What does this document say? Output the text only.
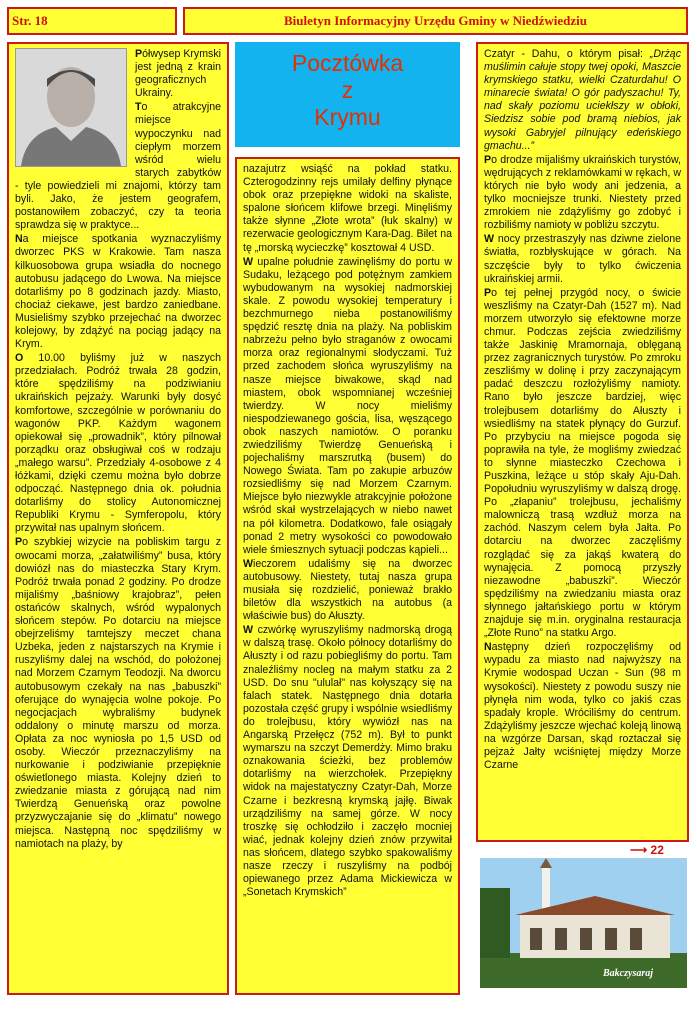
Str. 18	Biuletyn Informacyjny Urzędu Gminy w Niedźwiedziu

Półwysep Krymski jest jedną z krain geograficznych Ukrainy.

To atrakcyjne miejsce wypoczynku nad ciepłym morzem wśród wielu starych zabytków - tyle powiedzieli mi znajomi, którzy tam byli. Jako, że jestem geografem, postanowiłem zobaczyć, czy ta teoria sprawdza się w praktyce...

Na miejsce spotkania wyznaczyliśmy dworzec PKS w Krakowie. Tam nasza kilkuosobowa grupa wsiadła do nocnego autobusu jadącego do Lwowa. Na miejsce dotarliśmy po 8 godzinach jazdy. Miasto, chociaż ciekawe, jest bardzo zaniedbane. Musieliśmy szybko przejechać na dworzec kolejowy, by zdążyć na pociąg jadący na Krym.

O 10.00 byliśmy już w naszych przedziałach. Podróż trwała 28 godzin, które spędziliśmy na podziwianiu ukraińskich pejzaży. Warunki były dosyć komfortowe, szczególnie w porównaniu do wagonów PKP. Każdym wagonem opiekował się „prowadnik”, który pilnował porządku oraz obsługiwał coś w rodzaju „małego warsu”. Przedziały 4-osobowe z 4 łóżkami, dzięki czemu można było dobrze odpocząć. Następnego dnia ok. południa dotarliśmy do stolicy Autonomicznej Republiki Krymu - Symferopolu, który przywitał nas upalnym słońcem.

Po szybkiej wizycie na pobliskim targu z owocami morza, „załatwiliśmy” busa, który dowiózł nas do miasteczka Stary Krym. Podróż trwała ponad 2 godziny. Po drodze mijaliśmy „baśniowy krajobraz”, pełen ostańców skalnych, wśród wypalonych słońcem stepów. Po dotarciu na miejsce obejrzeliśmy tamtejszy meczet chana Uzbeka, jeden z najstarszych na Krymie i ruszyliśmy dalej na wschód, do położonej nad Morzem Czarnym Teodozji. Na dworcu autobusowym czekały na nas „babuszki” oferujące do wynajęcia wolne pokoje. Po negocjacjach wybraliśmy budynek oddalony o minutę marszu od morza. Opłata za noc wyniosła po 1,5 USD od osoby. Wieczór przeznaczyliśmy na nurkowanie i podziwianie przepięknie oświetlonego miasta. Kolejny dzień to zwiedzanie miasta z górującą nad nim Twierdzą Genueńską oraz powolne przyzwyczajanie się do „klimatu” nowego miejsca. Następną noc spędziliśmy w namiotach na plaży, by

Pocztówka
z
Krymu

nazajutrz wsiąść na pokład statku. Czterogodzinny rejs umilały delfiny płynące obok oraz przepiękne widoki na skaliste, spalone słońcem klifowe brzegi. Minęliśmy także słynne „Złote wrota” (łuk skalny) w rezerwacie geologicznym Kara-Dag. Bilet na tę „morską wycieczkę” kosztował 4 USD.

W upalne południe zawinęliśmy do portu w Sudaku, leżącego pod potężnym zamkiem wybudowanym na wysokiej nadmorskiej skale. Z powodu wysokiej temperatury i bezchmurnego nieba postanowiliśmy spędzić resztę dnia na plaży. Na pobliskim nabrzeżu pełno było straganów z owocami morza oraz regionalnymi słodyczami. Tuż przed zachodem słońca wyruszyliśmy na nasze miejsce biwakowe, skąd nad miastem, obok wspomnianej wcześniej twierdzy. W nocy mieliśmy niespodziewanego gościa, lisa, węszącego obok naszych namiotów. O poranku zwiedziliśmy Twierdzę Genueńską i pojechaliśmy marszrutką (busem) do Nowego Świata. Tam po zakupie arbuzów rozsiedliśmy się nad Morzem Czarnym. Miejsce było niezwykle atrakcyjnie położone wśród skał wystrzelających w niebo nawet na pół kilometra. Dodatkowo, fale osiągały ponad 2 metry wysokości co powodowało wiele śmiesznych sytuacji podczas kąpieli...

Wieczorem udaliśmy się na dworzec autobusowy. Niestety, tutaj nasza grupa musiała się rozdzielić, ponieważ brakło biletów dla wszystkich na autobus (a właściwie bus) do Ałuszty.

W czwórkę wyruszyliśmy nadmorską drogą w dalszą trasę. Około północy dotarliśmy do Ałuszty i od razu pobiegliśmy do portu. Tam znaleźliśmy nocleg na małym statku za 2 USD. Do snu "ululał" nas kołyszący się na falach statek. Następnego dnia dotarła pozostała część grupy i wspólnie wsiedliśmy do trolejbusu, który wywiózł nas na Angarską Przełęcz (752 m). Był to punkt wymarszu na szczyt Demerdży. Mimo braku oznakowania ścieżki, bez problemów dotarliśmy na wierzchołek. Przepiękny widok na majestatyczny Czatyr-Dah, Morze Czarne i bezkresną krymską jajłę. Biwak urządziliśmy na samej górze. W nocy troszkę się ochłodziło i zaczęło mocniej wiać, jednak kolejny dzień znów przywitał nas słońcem, dlatego szybko spakowaliśmy nasze rzeczy i ruszyliśmy na podbój opiewanego przez Adama Mickiewicza w „Sonetach Krymskich”

Czatyr - Dahu, o którym pisał: „Drżąc muślimin całuje stopy twej opoki, Maszcie krymskiego statku, wielki Czaturdahu! O minarecie świata! O gór padyszachu! Ty, nad skały poziomu uciekłszy w obłoki, Siedzisz sobie pod bramą niebios, jak wysoki Gabryjel pilnujący edeńskiego gmachu...”

Po drodze mijaliśmy ukraińskich turystów, wędrujących z reklamówkami w rękach, w których nie było wody ani jedzenia, a tylko mocniejsze trunki. Niestety przed zmrokiem nie zdążyliśmy go zdobyć i rozbiliśmy namioty w pobliżu szczytu.

W nocy przestraszyły nas dziwne zielone światła, rozbłyskujące w górach. Na szczęście były to tylko ćwiczenia ukraińskiej armii.

Po tej pełnej przygód nocy, o świcie weszliśmy na Czatyr-Dah (1527 m). Nad morzem utworzyło się efektowne morze chmur. Podczas zejścia zwiedziliśmy także Jaskinię Mramornaja, oblęganą przez zagranicznych turystów. Po zmroku zeszliśmy w dolinę i przy zaczynającym padać deszczu rozłożyliśmy namioty. Rano było jeszcze bardziej, więc trolejbusem dotarliśmy do Ałuszty i wsiedliśmy na statek płynący do Gurzuf. Po przybyciu na miejsce pogoda się poprawiła na tyle, że mogliśmy zwiedzać to słynne miasteczko Czechowa i Puszkina, leżące u stóp skały Aju-Dah. Popołudniu wyruszyliśmy w dalszą drogę. Po „złapaniu” trolejbusu, jechaliśmy malowniczą trasą wzdłuż morza na zachód. Naszym celem była Jałta. Po dotarciu na dworzec zaczęliśmy rozglądać się za jakąś kwaterą do wynajęcia. Z pomocą przyszły niezawodne „babuszki”. Wieczór spędziliśmy na zwiedzaniu miasta oraz słynnego jałtańskiego portu w którym znajduje się m.in. oryginalna restauracja „Złote Runo” na statku Argo.

Następny dzień rozpoczęliśmy od wypadu za miasto nad najwyższy na Krymie wodospad Uczan - Sun (98 m wysokości). Niestety z powodu suszy nie płynęła nim woda, tylko co jakiś czas spadały krople. Wróciliśmy do centrum. Zdążyliśmy jeszcze wjechać koleją linową na wzgórze Darsan, skąd roztaczał się pejzaż Jałty wciśniętej między Morze Czarne

⟶ 22
Bakczysaraj
